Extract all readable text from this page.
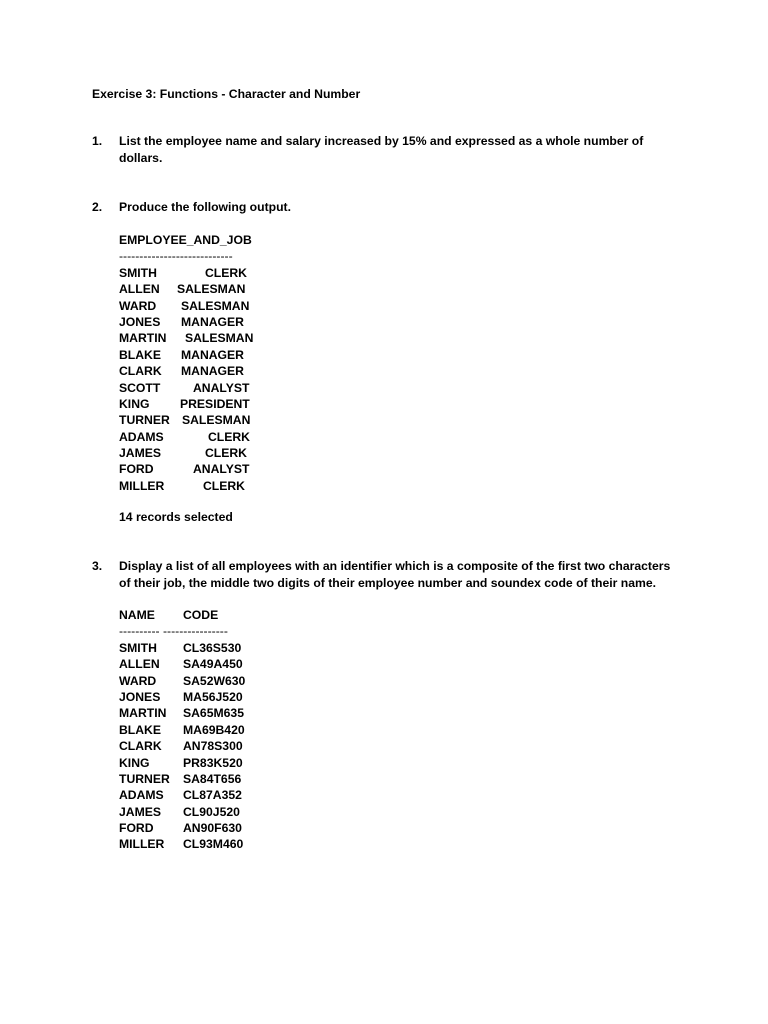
Exercise 3: Functions - Character and Number
1. List the employee name and salary increased by 15% and expressed as a whole number of
dollars.
2. Produce the following output.
EMPLOYEE_AND_JOB
----------------------------
SMITH	CLERK
ALLEN SALESMAN
WARD SALESMAN
JONES MANAGER
MARTIN SALESMAN
BLAKE MANAGER
CLARK MANAGER
SCOTT	ANALYST
KING	PRESIDENT
TURNER SALESMAN
ADAMS	CLERK
JAMES	CLERK
FORD	ANALYST
MILLER	CLERK
14 records selected
3. Display a list of all employees with an identifier which is a composite of the first two characters
of their job, the middle two digits of their employee number and soundex code of their name.
NAME CODE
---------- ----------------
SMITH CL36S530
ALLEN SA49A450
WARD SA52W630
JONES MA56J520
MARTIN SA65M635
BLAKE MA69B420
CLARK AN78S300
KING	PR83K520
TURNER SA84T656
ADAMS CL87A352
JAMES CL90J520
FORD AN90F630
MILLER CL93M460
